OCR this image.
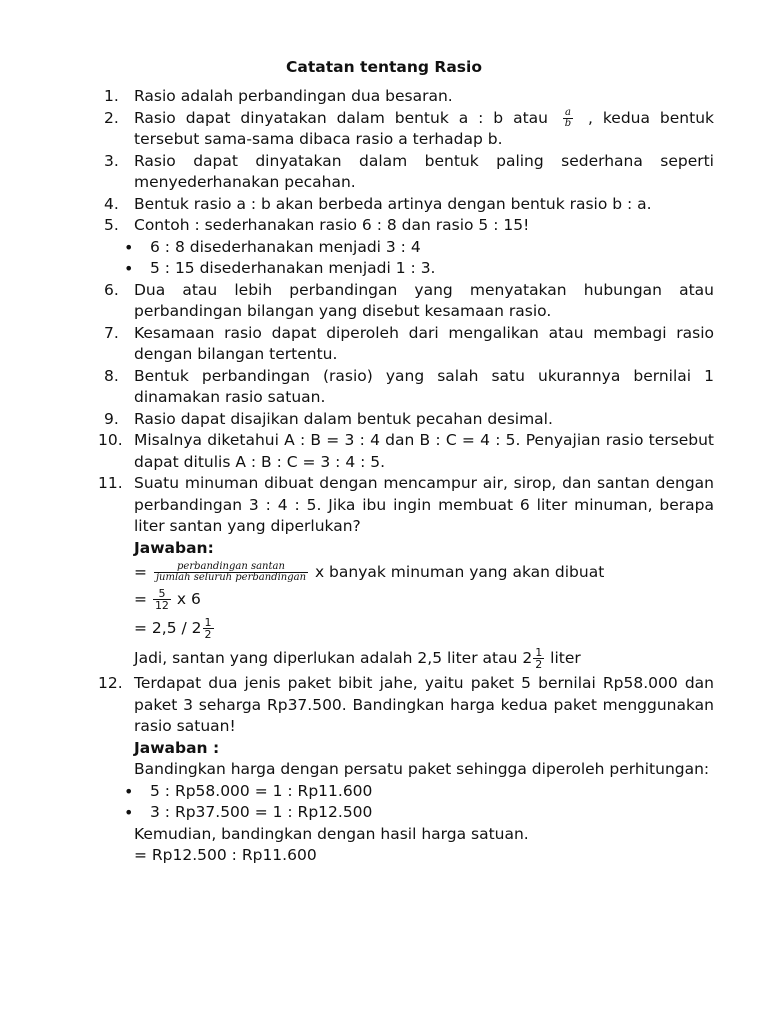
Catatan tentang Rasio
1. Rasio adalah perbandingan dua besaran.
2. Rasio dapat dinyatakan dalam bentuk a : b atau $\frac{a}{b}$ , kedua bentuk
tersebut sama-sama dibaca rasio a terhadap b.
3. Rasio dapat dinyatakan dalam bentuk paling sederhana seperti menyederhanakan pecahan.
4. Bentuk rasio a : b akan berbeda artinya dengan bentuk rasio b : a.
5. Contoh : sederhanakan rasio 6 : 8 dan rasio 5 : 15!
• 6 : 8 disederhanakan menjadi 3 : 4
• 5 : 15 disederhanakan menjadi 1 : 3.
6. Dua atau lebih perbandingan yang menyatakan hubungan atau perbandingan bilangan yang disebut kesamaan rasio.
7. Kesamaan rasio dapat diperoleh dari mengalikan atau membagi rasio dengan bilangan tertentu.
8. Bentuk perbandingan (rasio) yang salah satu ukurannya bernilai 1 dinamakan rasio satuan.
9. Rasio dapat disajikan dalam bentuk pecahan desimal.
10. Misalnya diketahui A : B = 3 : 4 dan B : C = 4 : 5. Penyajian rasio tersebut dapat ditulis A : B : C = 3 : 4 : 5.
11. Suatu minuman dibuat dengan mencampur air, sirop, dan santan dengan perbandingan 3 : 4 : 5. Jika ibu ingin membuat 6 liter minuman, berapa liter santan yang diperlukan?
Jawaban:
= $\frac{\text{perbandingan santan}}{\text{jumlah seluruh perbandingan}}$ x banyak minuman yang akan dibuat
= $\frac{5}{12}$ x 6
= $2,5 / 2 \frac{1}{2}$
Jadi, santan yang diperlukan adalah 2,5 liter atau $2 \frac{1}{2}$ liter
12. Terdapat dua jenis paket bibit jahe, yaitu paket 5 bernilai Rp58.000 dan paket 3 seharga Rp37.500. Bandingkan harga kedua paket menggunakan rasio satuan!
Jawaban :
Bandingkan harga dengan persatu paket sehingga diperoleh perhitungan:
• 5 : Rp58.000 = 1 : Rp11.600
• 3 : Rp37.500 = 1 : Rp12.500
Kemudian, bandingkan dengan hasil harga satuan.
= Rp12.500 : Rp11.600
